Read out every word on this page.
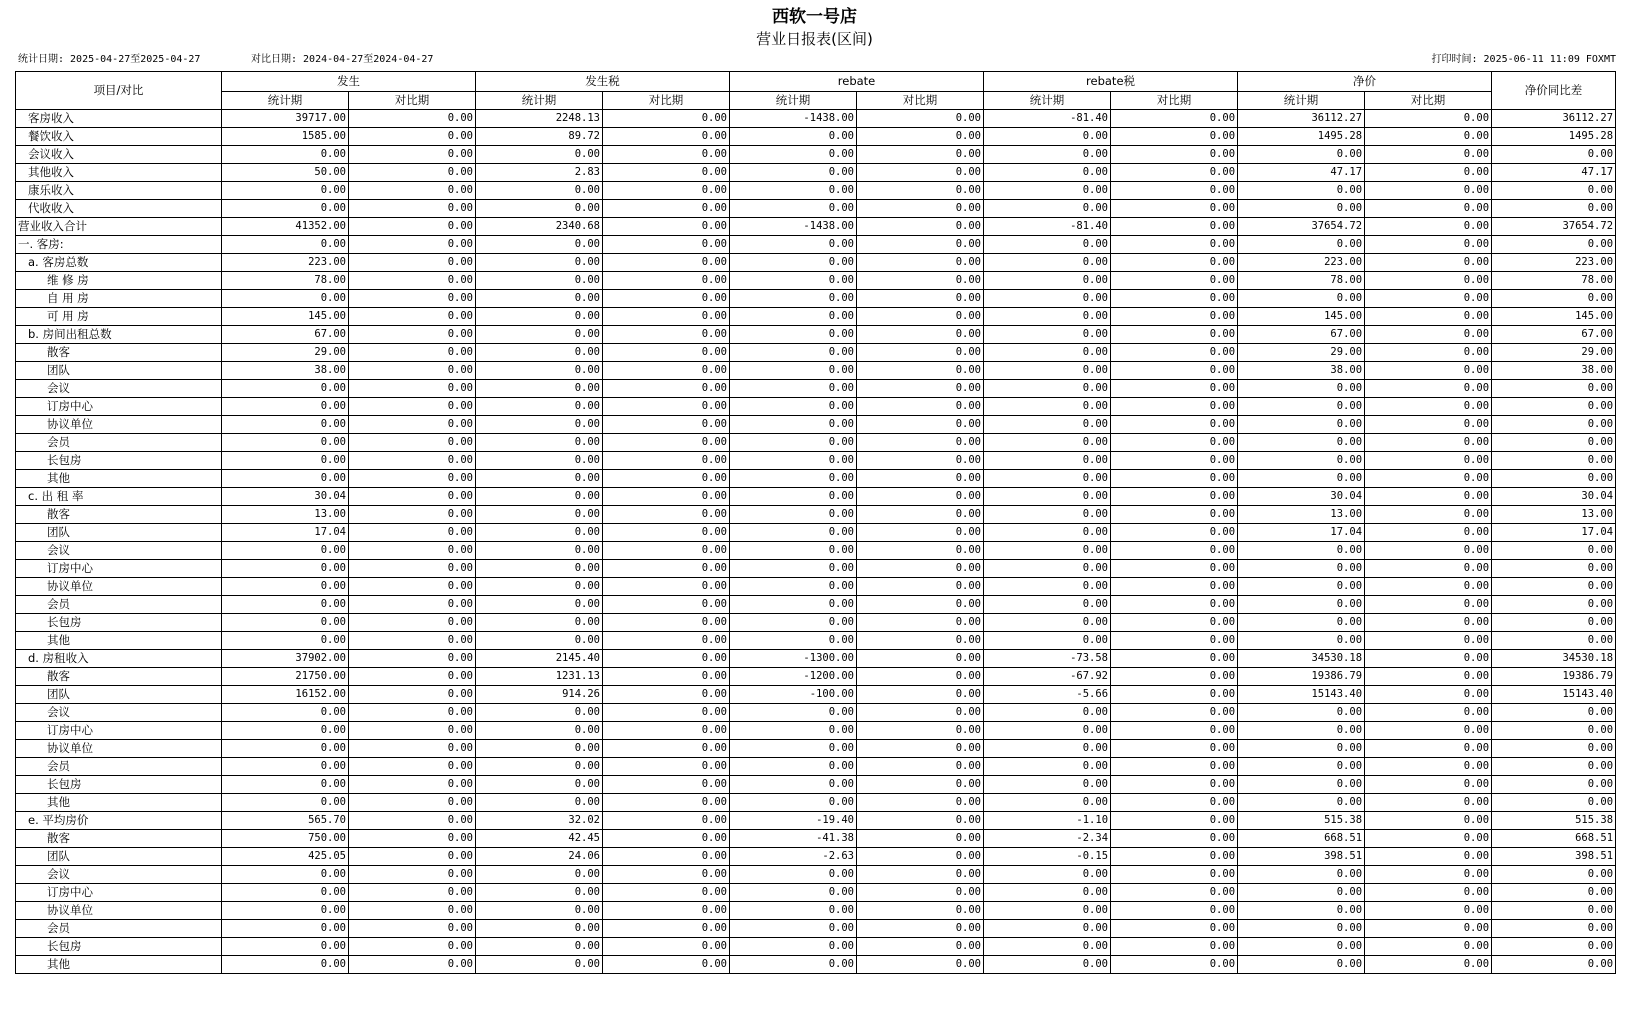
西软一号店
营业日报表(区间)
统计日期: 2025-04-27至2025-04-27	对比日期: 2024-04-27至2024-04-27	打印时间: 2025-06-11 11:09 FOXMT
项目/对比	发生		发生税		rebate		rebate税		净价		净价同比差
	统计期	对比期	统计期	对比期	统计期	对比期	统计期	对比期	统计期	对比期	
客房收入	39717.00	0.00	2248.13	0.00	-1438.00	0.00	-81.40	0.00	36112.27	0.00	36112.27
餐饮收入	1585.00	0.00	89.72	0.00	0.00	0.00	0.00	0.00	1495.28	0.00	1495.28
会议收入	0.00	0.00	0.00	0.00	0.00	0.00	0.00	0.00	0.00	0.00	0.00
其他收入	50.00	0.00	2.83	0.00	0.00	0.00	0.00	0.00	47.17	0.00	47.17
康乐收入	0.00	0.00	0.00	0.00	0.00	0.00	0.00	0.00	0.00	0.00	0.00
代收收入	0.00	0.00	0.00	0.00	0.00	0.00	0.00	0.00	0.00	0.00	0.00
营业收入合计	41352.00	0.00	2340.68	0.00	-1438.00	0.00	-81.40	0.00	37654.72	0.00	37654.72
一. 客房:	0.00	0.00	0.00	0.00	0.00	0.00	0.00	0.00	0.00	0.00	0.00
a. 客房总数	223.00	0.00	0.00	0.00	0.00	0.00	0.00	0.00	223.00	0.00	223.00
维 修 房	78.00	0.00	0.00	0.00	0.00	0.00	0.00	0.00	78.00	0.00	78.00
自 用 房	0.00	0.00	0.00	0.00	0.00	0.00	0.00	0.00	0.00	0.00	0.00
可 用 房	145.00	0.00	0.00	0.00	0.00	0.00	0.00	0.00	145.00	0.00	145.00
b. 房间出租总数	67.00	0.00	0.00	0.00	0.00	0.00	0.00	0.00	67.00	0.00	67.00
散客	29.00	0.00	0.00	0.00	0.00	0.00	0.00	0.00	29.00	0.00	29.00
团队	38.00	0.00	0.00	0.00	0.00	0.00	0.00	0.00	38.00	0.00	38.00
会议	0.00	0.00	0.00	0.00	0.00	0.00	0.00	0.00	0.00	0.00	0.00
订房中心	0.00	0.00	0.00	0.00	0.00	0.00	0.00	0.00	0.00	0.00	0.00
协议单位	0.00	0.00	0.00	0.00	0.00	0.00	0.00	0.00	0.00	0.00	0.00
会员	0.00	0.00	0.00	0.00	0.00	0.00	0.00	0.00	0.00	0.00	0.00
长包房	0.00	0.00	0.00	0.00	0.00	0.00	0.00	0.00	0.00	0.00	0.00
其他	0.00	0.00	0.00	0.00	0.00	0.00	0.00	0.00	0.00	0.00	0.00
c. 出 租 率	30.04	0.00	0.00	0.00	0.00	0.00	0.00	0.00	30.04	0.00	30.04
散客	13.00	0.00	0.00	0.00	0.00	0.00	0.00	0.00	13.00	0.00	13.00
团队	17.04	0.00	0.00	0.00	0.00	0.00	0.00	0.00	17.04	0.00	17.04
会议	0.00	0.00	0.00	0.00	0.00	0.00	0.00	0.00	0.00	0.00	0.00
订房中心	0.00	0.00	0.00	0.00	0.00	0.00	0.00	0.00	0.00	0.00	0.00
协议单位	0.00	0.00	0.00	0.00	0.00	0.00	0.00	0.00	0.00	0.00	0.00
会员	0.00	0.00	0.00	0.00	0.00	0.00	0.00	0.00	0.00	0.00	0.00
长包房	0.00	0.00	0.00	0.00	0.00	0.00	0.00	0.00	0.00	0.00	0.00
其他	0.00	0.00	0.00	0.00	0.00	0.00	0.00	0.00	0.00	0.00	0.00
d. 房租收入	37902.00	0.00	2145.40	0.00	-1300.00	0.00	-73.58	0.00	34530.18	0.00	34530.18
散客	21750.00	0.00	1231.13	0.00	-1200.00	0.00	-67.92	0.00	19386.79	0.00	19386.79
团队	16152.00	0.00	914.26	0.00	-100.00	0.00	-5.66	0.00	15143.40	0.00	15143.40
会议	0.00	0.00	0.00	0.00	0.00	0.00	0.00	0.00	0.00	0.00	0.00
订房中心	0.00	0.00	0.00	0.00	0.00	0.00	0.00	0.00	0.00	0.00	0.00
协议单位	0.00	0.00	0.00	0.00	0.00	0.00	0.00	0.00	0.00	0.00	0.00
会员	0.00	0.00	0.00	0.00	0.00	0.00	0.00	0.00	0.00	0.00	0.00
长包房	0.00	0.00	0.00	0.00	0.00	0.00	0.00	0.00	0.00	0.00	0.00
其他	0.00	0.00	0.00	0.00	0.00	0.00	0.00	0.00	0.00	0.00	0.00
e. 平均房价	565.70	0.00	32.02	0.00	-19.40	0.00	-1.10	0.00	515.38	0.00	515.38
散客	750.00	0.00	42.45	0.00	-41.38	0.00	-2.34	0.00	668.51	0.00	668.51
团队	425.05	0.00	24.06	0.00	-2.63	0.00	-0.15	0.00	398.51	0.00	398.51
会议	0.00	0.00	0.00	0.00	0.00	0.00	0.00	0.00	0.00	0.00	0.00
订房中心	0.00	0.00	0.00	0.00	0.00	0.00	0.00	0.00	0.00	0.00	0.00
协议单位	0.00	0.00	0.00	0.00	0.00	0.00	0.00	0.00	0.00	0.00	0.00
会员	0.00	0.00	0.00	0.00	0.00	0.00	0.00	0.00	0.00	0.00	0.00
长包房	0.00	0.00	0.00	0.00	0.00	0.00	0.00	0.00	0.00	0.00	0.00
其他	0.00	0.00	0.00	0.00	0.00	0.00	0.00	0.00	0.00	0.00	0.00
